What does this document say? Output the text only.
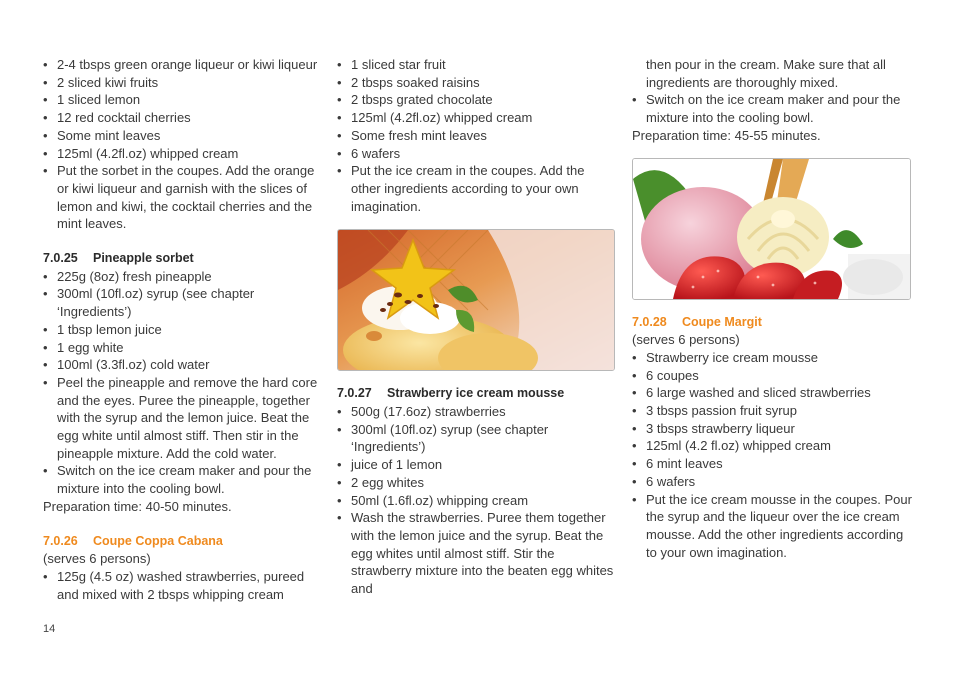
• 2-4 tbsps green orange liqueur or kiwi liqueur
• 2 sliced kiwi fruits
• 1 sliced lemon
• 12 red cocktail cherries
• Some mint leaves
• 125ml (4.2fl.oz) whipped cream
• Put the sorbet in the coupes. Add the orange or kiwi liqueur and garnish with the slices of lemon and kiwi, the cocktail cherries and the mint leaves.
7.0.25 Pineapple sorbet
• 225g (8oz) fresh pineapple
• 300ml (10fl.oz) syrup (see chapter ‘Ingredients’)
• 1 tbsp lemon juice
• 1 egg white
• 100ml (3.3fl.oz) cold water
• Peel the pineapple and remove the hard core and the eyes. Puree the pineapple, together with the syrup and the lemon juice. Beat the egg white until almost stiff. Then stir in the pineapple mixture. Add the cold water.
• Switch on the ice cream maker and pour the mixture into the cooling bowl.

Preparation time: 40-50 minutes.

7.0.26 Coupe Coppa Cabana

(serves 6 persons)

• 125g (4.5 oz) washed strawberries, pureed and mixed with 2 tbsps whipping cream
• 1 sliced star fruit
• 2 tbsps soaked raisins
• 2 tbsps grated chocolate
• 125ml (4.2fl.oz) whipped cream
• Some fresh mint leaves
• 6 wafers
• Put the ice cream in the coupes. Add the other ingredients according to your own imagination.
7.0.27 Strawberry ice cream mousse
• 500g (17.6oz) strawberries
• 300ml (10fl.oz) syrup (see chapter ‘Ingredients’)
• juice of 1 lemon
• 2 egg whites
• 50ml (1.6fl.oz) whipping cream
• Wash the strawberries. Puree them together with the lemon juice and the syrup. Beat the egg whites until almost stiff. Stir the strawberry mixture into the beaten egg whites and

then pour in the cream. Make sure that all ingredients are thoroughly mixed.

• Switch on the ice cream maker and pour the mixture into the cooling bowl.

Preparation time: 45-55 minutes.

7.0.28 Coupe Margit

(serves 6 persons)

• Strawberry ice cream mousse
• 6 coupes
• 6 large washed and sliced strawberries
• 3 tbsps passion fruit syrup
• 3 tbsps strawberry liqueur
• 125ml (4.2 fl.oz) whipped cream
• 6 mint leaves
• 6 wafers
• Put the ice cream mousse in the coupes. Pour the syrup and the liqueur over the ice cream mousse. Add the other ingredients according to your own imagination.
14
